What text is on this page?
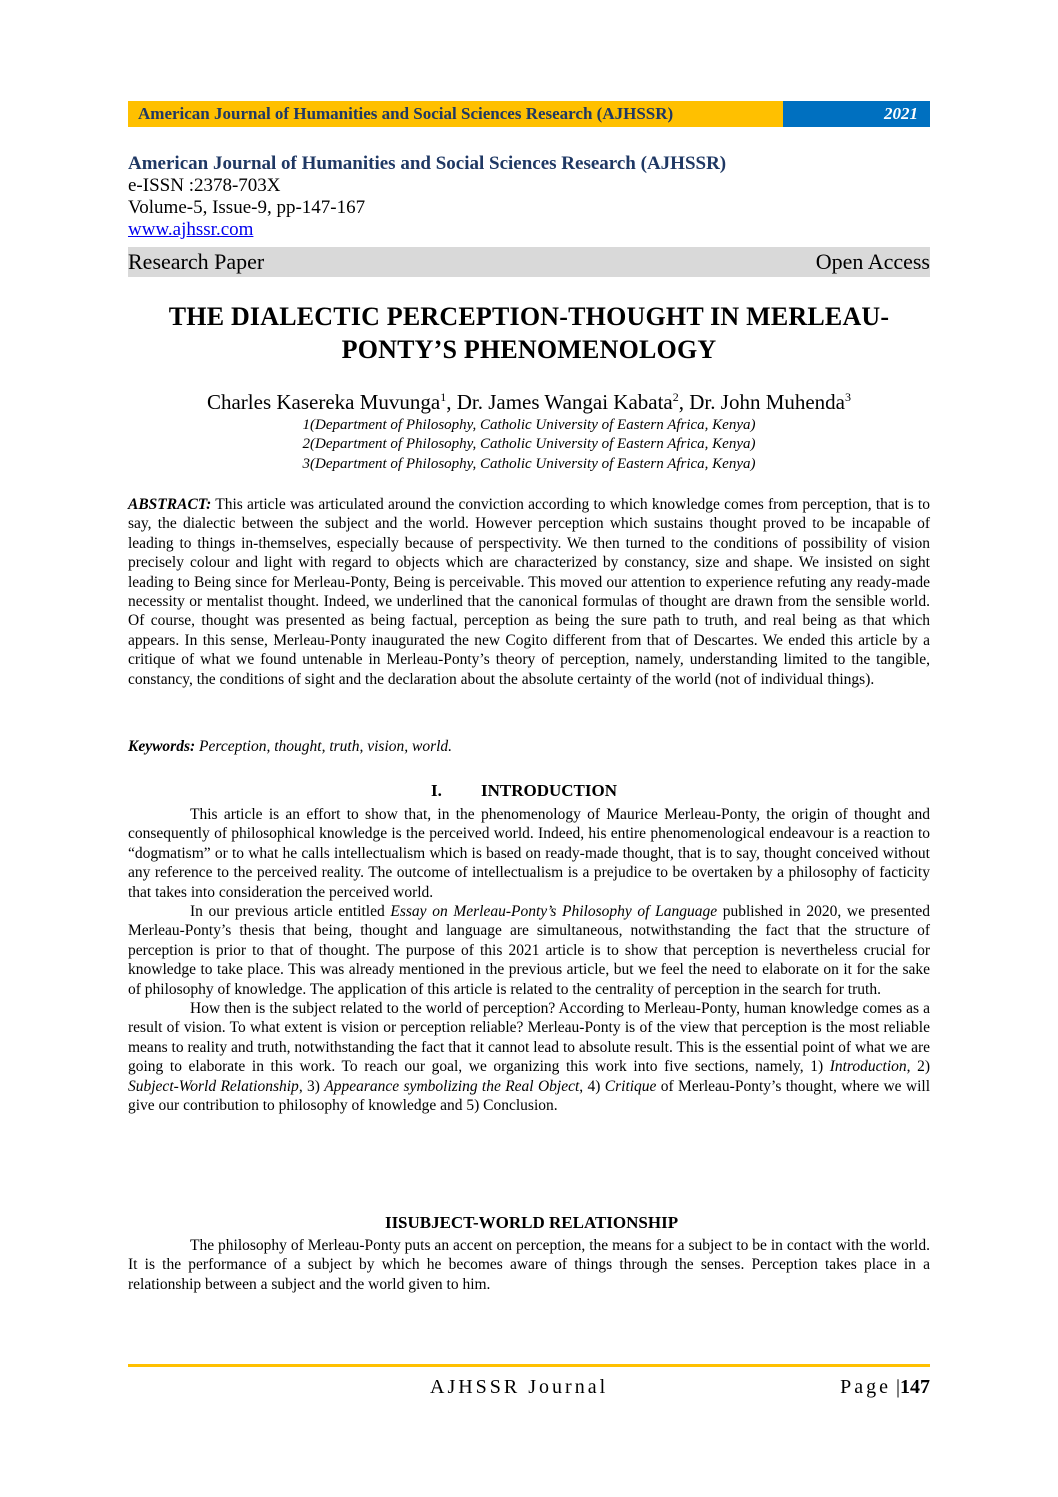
American Journal of Humanities and Social Sciences Research (AJHSSR)	2021
American Journal of Humanities and Social Sciences Research (AJHSSR)
e-ISSN :2378-703X
Volume-5, Issue-9, pp-147-167
www.ajhssr.com
Research Paper	Open Access
THE DIALECTIC PERCEPTION-THOUGHT IN MERLEAU-
PONTY’S PHENOMENOLOGY
Charles Kasereka Muvunga$^1$, Dr. James Wangai Kabata$^2$, Dr. John Muhenda$^3$
1(Department of Philosophy, Catholic University of Eastern Africa, Kenya)
2(Department of Philosophy, Catholic University of Eastern Africa, Kenya)
3(Department of Philosophy, Catholic University of Eastern Africa, Kenya)
ABSTRACT: This article was articulated around the conviction according to which knowledge comes from perception, that is to say, the dialectic between the subject and the world. However perception which sustains thought proved to be incapable of leading to things in-themselves, especially because of perspectivity. We then turned to the conditions of possibility of vision precisely colour and light with regard to objects which are characterized by constancy, size and shape. We insisted on sight leading to Being since for Merleau-Ponty, Being is perceivable. This moved our attention to experience refuting any ready-made necessity or mentalist thought. Indeed, we underlined that the canonical formulas of thought are drawn from the sensible world. Of course, thought was presented as being factual, perception as being the sure path to truth, and real being as that which appears. In this sense, Merleau-Ponty inaugurated the new Cogito different from that of Descartes. We ended this article by a critique of what we found untenable in Merleau-Ponty’s theory of perception, namely, understanding limited to the tangible, constancy, the conditions of sight and the declaration about the absolute certainty of the world (not of individual things).
Keywords: Perception, thought, truth, vision, world.
I. INTRODUCTION
This article is an effort to show that, in the phenomenology of Maurice Merleau-Ponty, the origin of thought and consequently of philosophical knowledge is the perceived world. Indeed, his entire phenomenological endeavour is a reaction to “dogmatism” or to what he calls intellectualism which is based on ready-made thought, that is to say, thought conceived without any reference to the perceived reality. The outcome of intellectualism is a prejudice to be overtaken by a philosophy of facticity that takes into consideration the perceived world.
In our previous article entitled Essay on Merleau-Ponty’s Philosophy of Language published in 2020, we presented Merleau-Ponty’s thesis that being, thought and language are simultaneous, notwithstanding the fact that the structure of perception is prior to that of thought. The purpose of this 2021 article is to show that perception is nevertheless crucial for knowledge to take place. This was already mentioned in the previous article, but we feel the need to elaborate on it for the sake of philosophy of knowledge. The application of this article is related to the centrality of perception in the search for truth.
How then is the subject related to the world of perception? According to Merleau-Ponty, human knowledge comes as a result of vision. To what extent is vision or perception reliable? Merleau-Ponty is of the view that perception is the most reliable means to reality and truth, notwithstanding the fact that it cannot lead to absolute result. This is the essential point of what we are going to elaborate in this work. To reach our goal, we organizing this work into five sections, namely, 1) Introduction, 2) Subject-World Relationship, 3) Appearance symbolizing the Real Object, 4) Critique of Merleau-Ponty’s thought, where we will give our contribution to philosophy of knowledge and 5) Conclusion.
II.
SUBJECT-WORLD RELATIONSHIP
The philosophy of Merleau-Ponty puts an accent on perception, the means for a subject to be in contact with the world. It is the performance of a subject by which he becomes aware of things through the senses. Perception takes place in a relationship between a subject and the world given to him.
AJHSSR Journal	Page |147
